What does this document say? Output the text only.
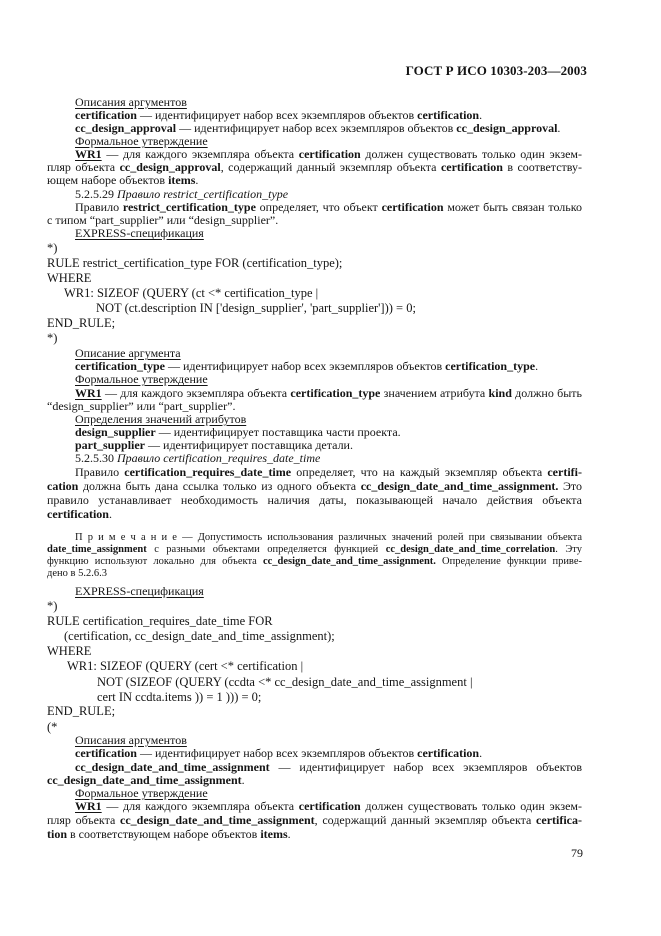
ГОСТ Р ИСО 10303-203—2003
Описания аргументов
certification — идентифицирует набор всех экземпляров объектов certification.
cc_design_approval — идентифицирует набор всех экземпляров объектов cc_design_approval.
Формальное утверждение
WR1 — для каждого экземпляра объекта certification должен существовать только один экзем-
пляр объекта cc_design_approval, содержащий данный экземпляр объекта certification в соответству-
ющем наборе объектов items.
5.2.5.29 Правило restrict_certification_type
Правило restrict_certification_type определяет, что объект certification может быть связан только
с типом “part_supplier” или “design_supplier”.
EXPRESS-спецификация
*)
RULE restrict_certification_type FOR (certification_type);
WHERE
WR1: SIZEOF (QUERY (ct <* certification_type |
NOT (ct.description IN ['design_supplier', 'part_supplier'])) = 0;
END_RULE;
*)
Описание аргумента
certification_type — идентифицирует набор всех экземпляров объектов certification_type.
Формальное утверждение
WR1 — для каждого экземпляра объекта certification_type значением атрибута kind должно быть
“design_supplier” или “part_supplier”.
Определения значений атрибутов
design_supplier — идентифицирует поставщика части проекта.
part_supplier — идентифицирует поставщика детали.
5.2.5.30 Правило certification_requires_date_time
Правило certification_requires_date_time определяет, что на каждый экземпляр объекта certifi-
cation должна быть дана ссылка только из одного объекта cc_design_date_and_time_assignment. Это
правило устанавливает необходимость наличия даты, показывающей начало действия объекта
certification.
П р и м е ч а н и е — Допустимость использования различных значений ролей при связывании объекта
date_time_assignment с разными объектами определяется функцией cc_design_date_and_time_correlation. Эту
функцию используют локально для объекта cc_design_date_and_time_assignment. Определение функции приве-
дено в 5.2.6.3
EXPRESS-спецификация
*)
RULE certification_requires_date_time FOR
(certification, cc_design_date_and_time_assignment);
WHERE
WR1: SIZEOF (QUERY (cert <* certification |
NOT (SIZEOF (QUERY (ccdta <* cc_design_date_and_time_assignment |
cert IN ccdta.items )) = 1 ))) = 0;
END_RULE;
(*
Описания аргументов
certification — идентифицирует набор всех экземпляров объектов certification.
cc_design_date_and_time_assignment — идентифицирует набор всех экземпляров объектов
cc_design_date_and_time_assignment.
Формальное утверждение
WR1 — для каждого экземпляра объекта certification должен существовать только один экзем-
пляр объекта cc_design_date_and_time_assignment, содержащий данный экземпляр объекта certifica-
tion в соответствующем наборе объектов items.
79
